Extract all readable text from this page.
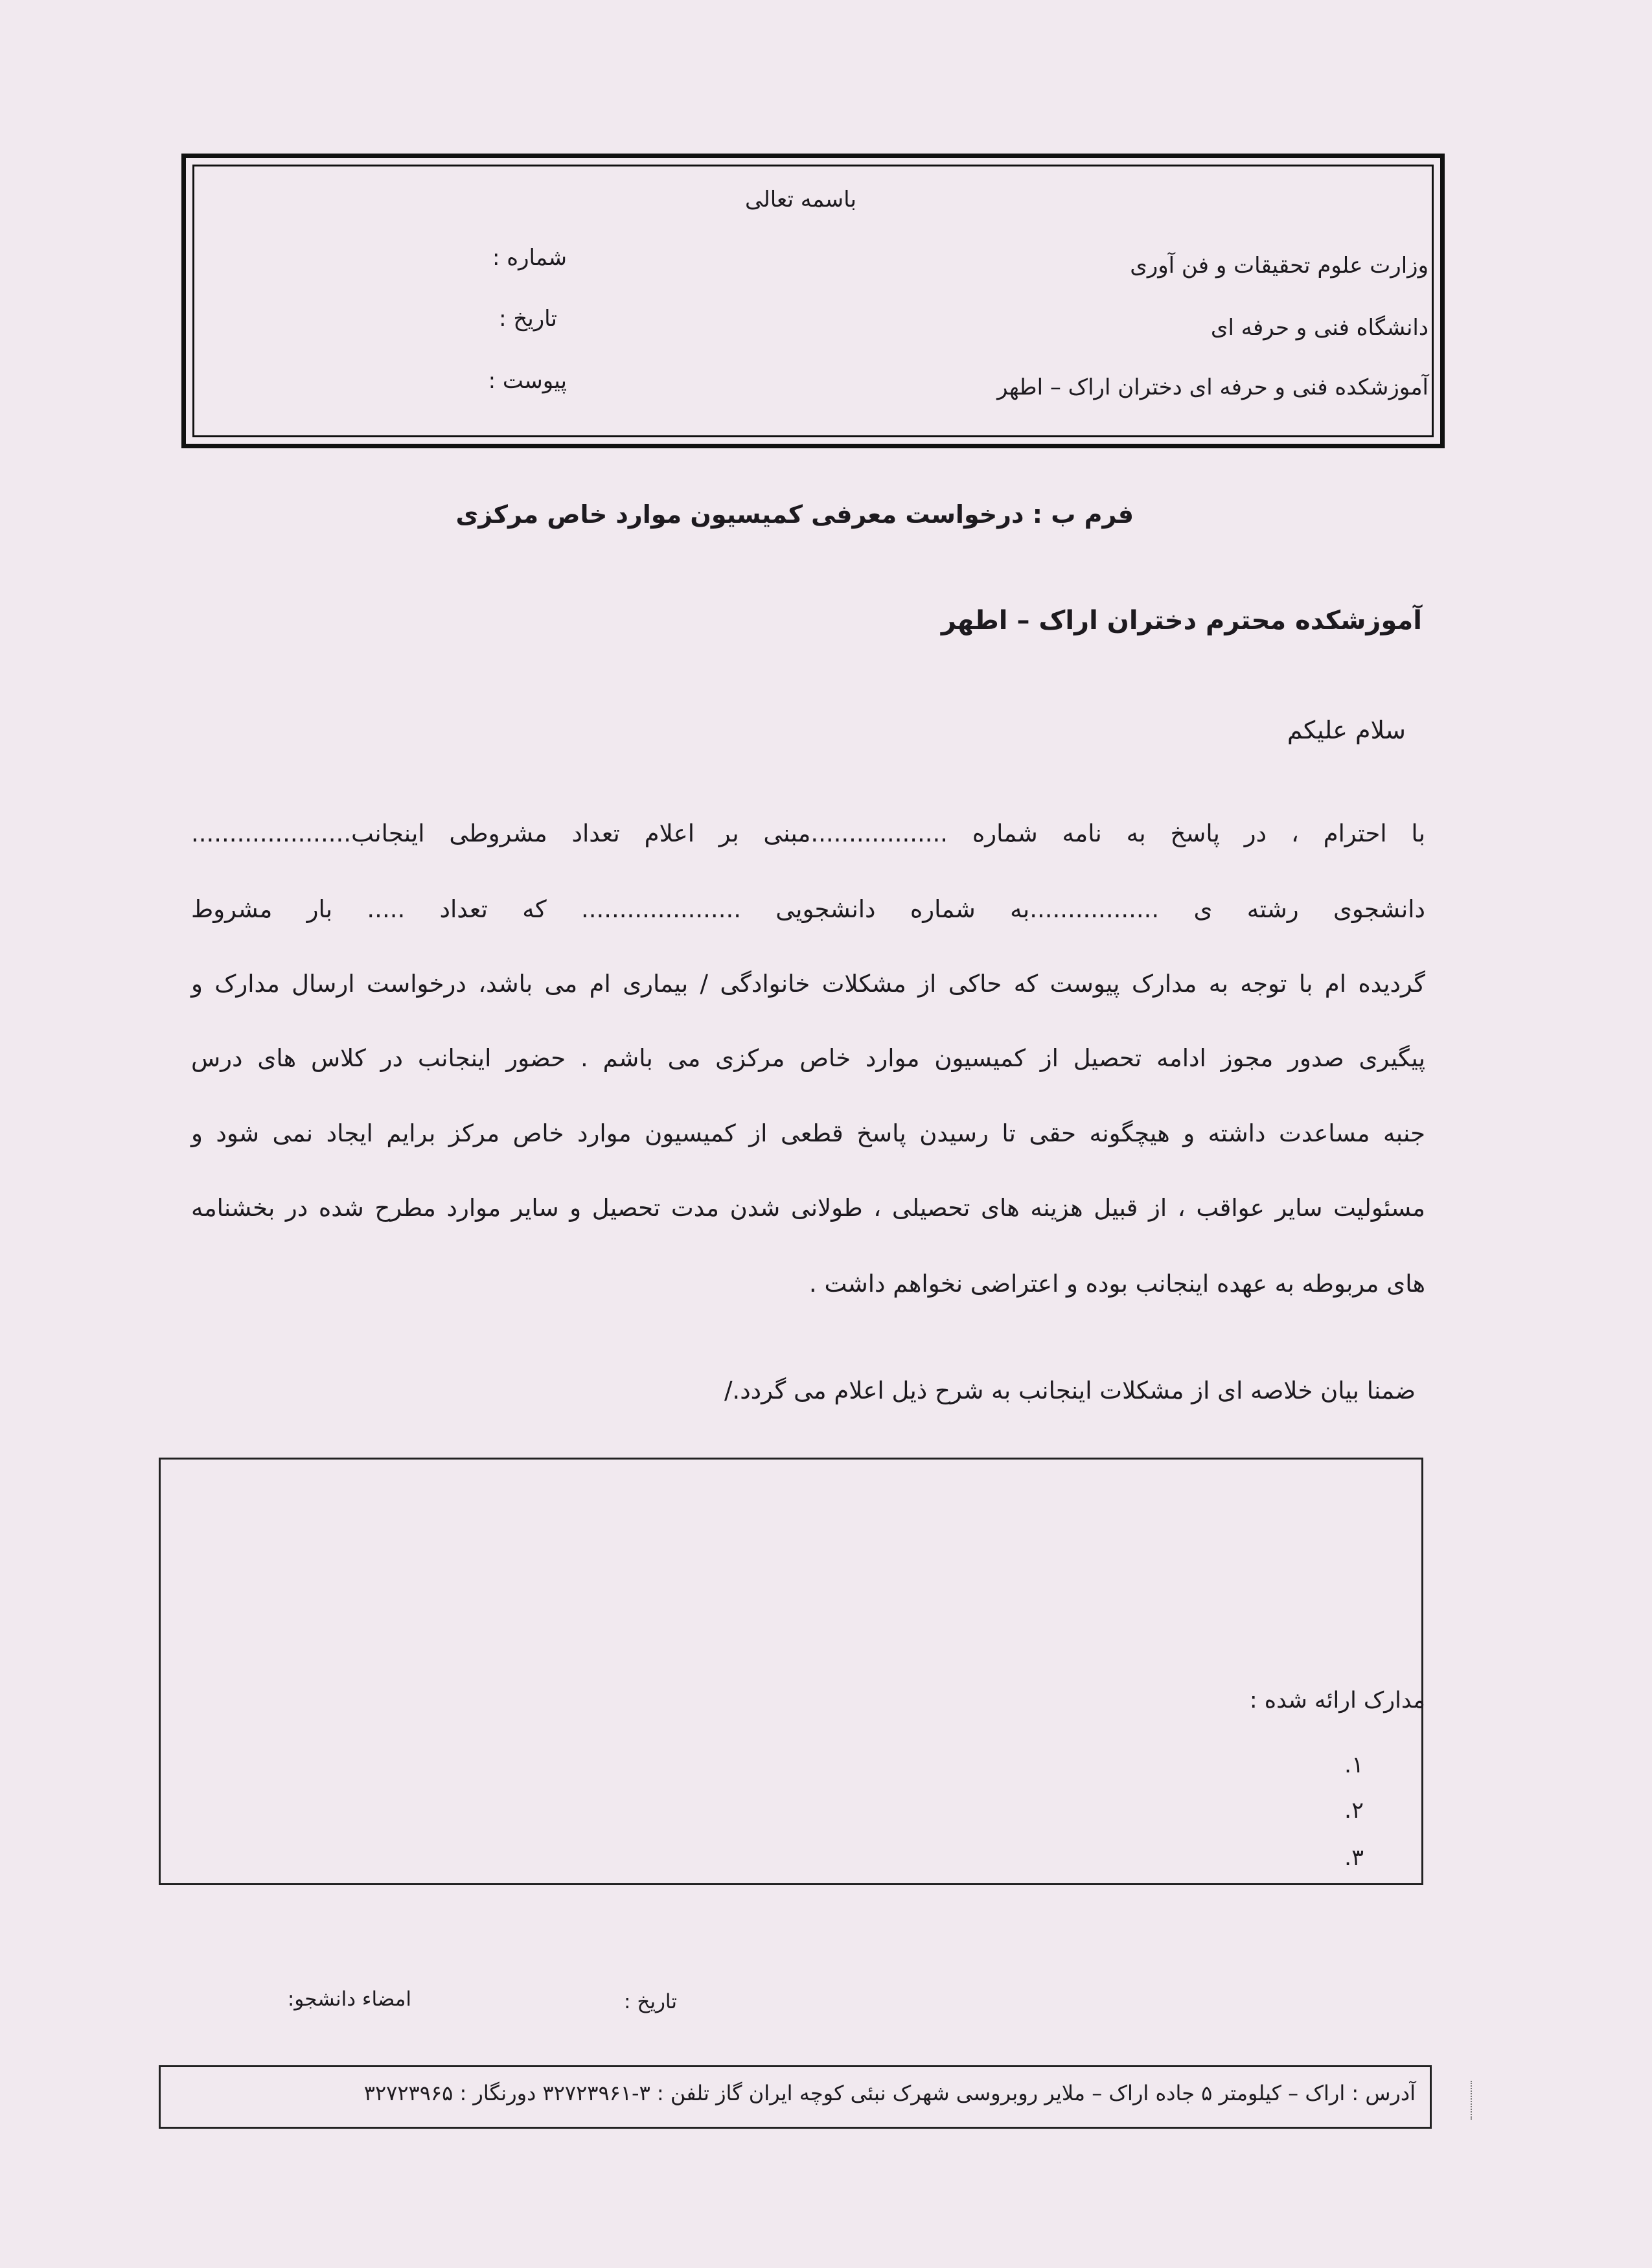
باسمه تعالی
وزارت علوم تحقیقات و فن آوری
دانشگاه فنی و حرفه ای
آموزشکده فنی و حرفه ای دختران اراک – اطهر
شماره :
تاریخ :
پیوست :
فرم ب : درخواست معرفی کمیسیون موارد خاص مرکزی
آموزشکده محترم دختران اراک – اطهر
سلام علیکم
با احترام ، در پاسخ به نامه شماره ..................مبنی بر اعلام تعداد مشروطی اینجانب.....................
دانشجوی رشته ی .................به شماره دانشجویی ..................... که تعداد ..... بار مشروط
گردیده ام با توجه به مدارک پیوست که حاکی از مشکلات خانوادگی / بیماری ام می باشد، درخواست ارسال مدارک و
پیگیری صدور مجوز ادامه تحصیل از کمیسیون موارد خاص مرکزی می باشم . حضور اینجانب در کلاس های درس
جنبه مساعدت داشته و هیچگونه حقی تا رسیدن پاسخ قطعی از کمیسیون موارد خاص مرکز برایم ایجاد نمی شود و
مسئولیت سایر عواقب ، از قبیل هزینه های تحصیلی ، طولانی شدن مدت تحصیل و سایر موارد مطرح شده در بخشنامه
های مربوطه به عهده اینجانب بوده و اعتراضی نخواهم داشت .
ضمنا بیان خلاصه ای از مشکلات اینجانب به شرح ذیل اعلام می گردد./
مدارک ارائه شده :
۱.
۲.
۳.
تاریخ :
امضاء دانشجو:
آدرس : اراک – کیلومتر ۵ جاده اراک – ملایر روبروسی شهرک نبئی کوچه ایران گاز تلفن : ۳-۳۲۷۲۳۹۶۱ دورنگار : ۳۲۷۲۳۹۶۵
